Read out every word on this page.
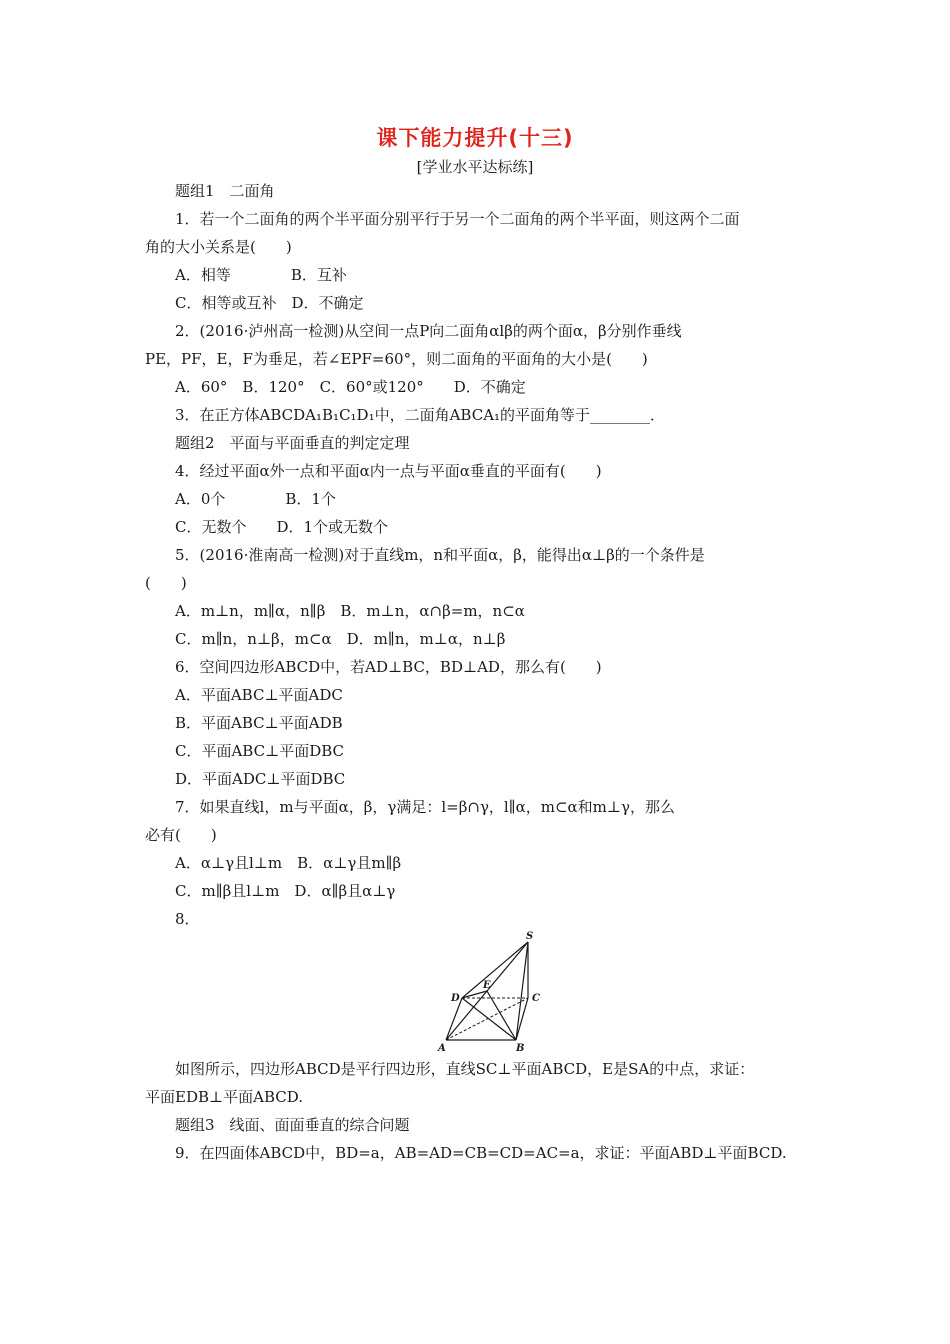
课下能力提升(十三)
[学业水平达标练]
题组1　二面角
1．若一个二面角的两个半平面分别平行于另一个二面角的两个半平面，则这两个二面
角的大小关系是(　　)
A．相等　　　　B．互补
C．相等或互补　D．不确定
2．(2016·泸州高一检测)从空间一点P向二面角αlβ的两个面α，β分别作垂线
PE，PF，E，F为垂足，若∠EPF=60°，则二面角的平面角的大小是(　　)
A．60°　B．120°　C．60°或120°　　D．不确定
3．在正方体ABCDA₁B₁C₁D₁中，二面角ABCA₁的平面角等于________．
题组2　平面与平面垂直的判定定理
4．经过平面α外一点和平面α内一点与平面α垂直的平面有(　　)
A．0个　　　　B．1个
C．无数个　　D．1个或无数个
5．(2016·淮南高一检测)对于直线m，n和平面α，β，能得出α⊥β的一个条件是
(　　)
A．m⊥n，m∥α，n∥β　B．m⊥n，α∩β=m，n⊂α
C．m∥n，n⊥β，m⊂α　D．m∥n，m⊥α，n⊥β
6．空间四边形ABCD中，若AD⊥BC，BD⊥AD，那么有(　　)
A．平面ABC⊥平面ADC
B．平面ABC⊥平面ADB
C．平面ABC⊥平面DBC
D．平面ADC⊥平面DBC
7．如果直线l，m与平面α，β，γ满足：l=β∩γ，l∥α，m⊂α和m⊥γ，那么
必有(　　)
A．α⊥γ且l⊥m　B．α⊥γ且m∥β
C．m∥β且l⊥m　D．α∥β且α⊥γ
8．
S
E
D	C
A	B
如图所示，四边形ABCD是平行四边形，直线SC⊥平面ABCD，E是SA的中点，求证：
平面EDB⊥平面ABCD.
题组3　线面、面面垂直的综合问题
9．在四面体ABCD中，BD=a，AB=AD=CB=CD=AC=a，求证：平面ABD⊥平面BCD.
